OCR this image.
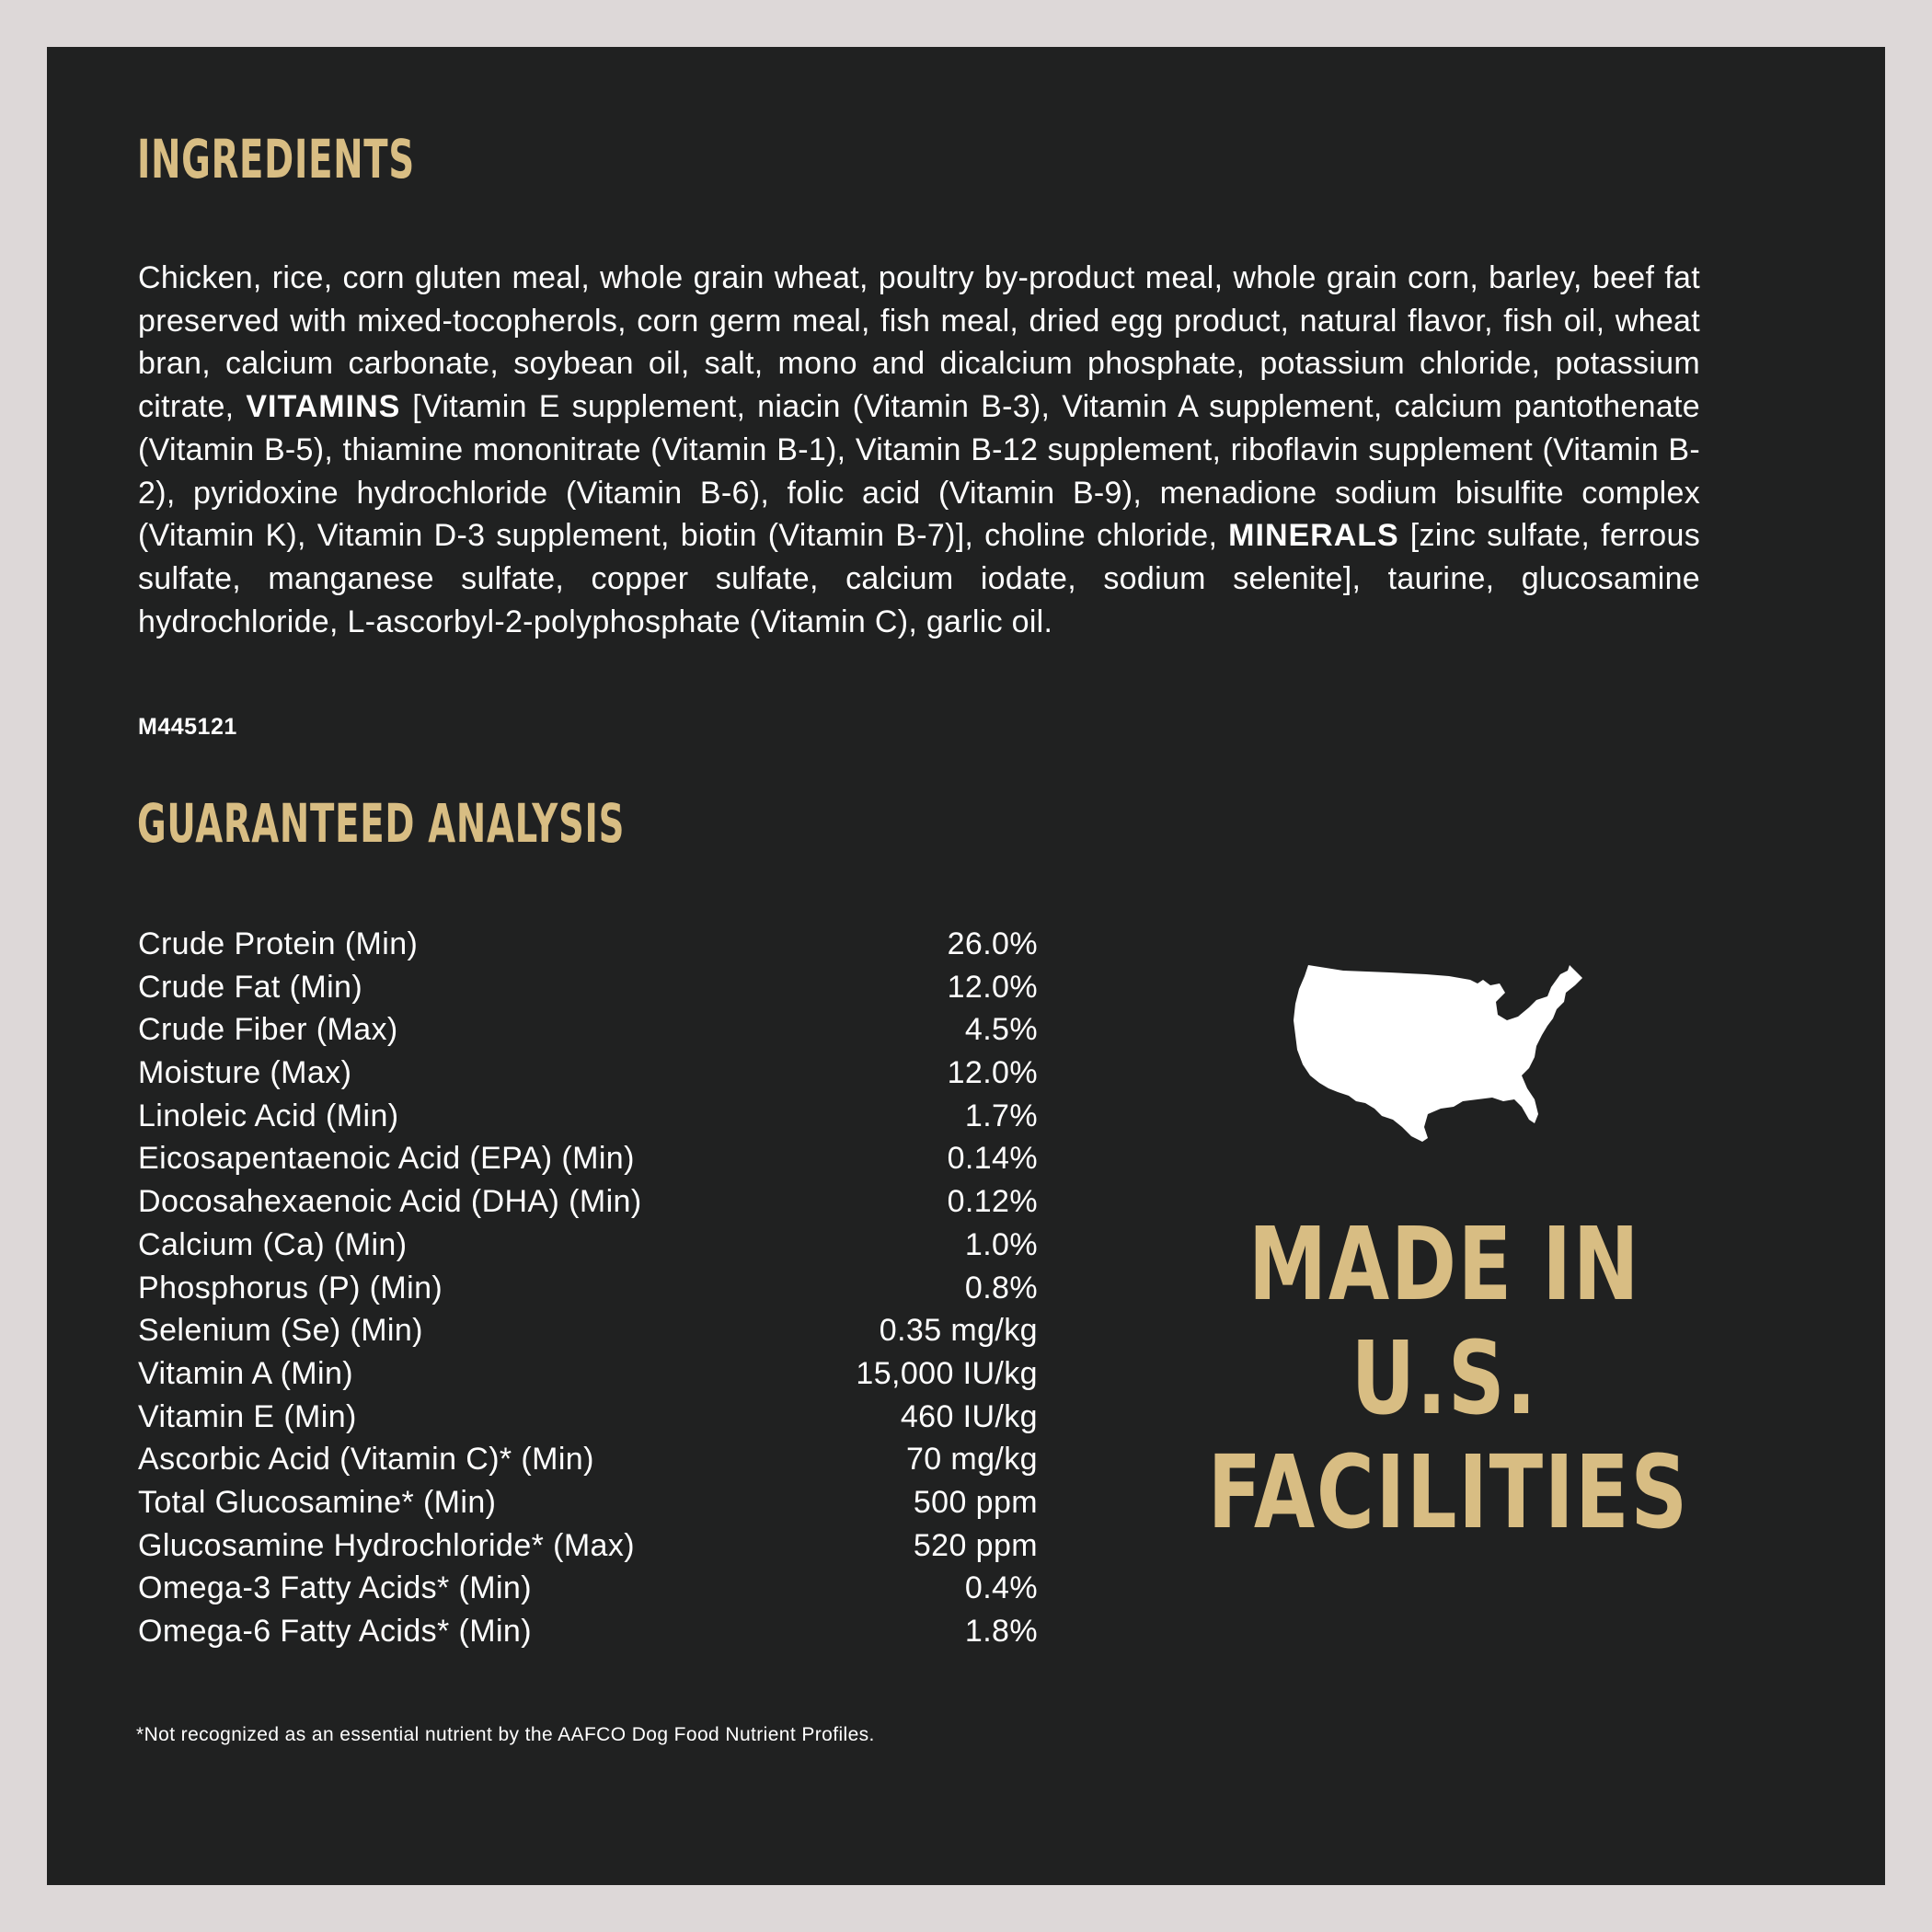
INGREDIENTS

Chicken, rice, corn gluten meal, whole grain wheat, poultry by-product meal, whole grain corn, barley, beef fat preserved with mixed-tocopherols, corn germ meal, fish meal, dried egg product, natural flavor, fish oil, wheat bran, calcium carbonate, soybean oil, salt, mono and dicalcium phosphate, potassium chloride, potassium citrate, VITAMINS [Vitamin E supplement, niacin (Vitamin B-3), Vitamin A supplement, calcium pantothenate (Vitamin B-5), thiamine mononitrate (Vitamin B-1), Vitamin B-12 supplement, riboflavin supplement (Vitamin B-2), pyridoxine hydrochloride (Vitamin B-6), folic acid (Vitamin B-9), menadione sodium bisulfite complex (Vitamin K), Vitamin D-3 supplement, biotin (Vitamin B-7)], choline chloride, MINERALS [zinc sulfate, ferrous sulfate, manganese sulfate, copper sulfate, calcium iodate, sodium selenite], taurine, glucosamine hydrochloride, L-ascorbyl-2-polyphosphate (Vitamin C), garlic oil.

M445121
GUARANTEED ANALYSIS
Crude Protein (Min)	26.0%
Crude Fat (Min)	12.0%
Crude Fiber (Max)	4.5%
Moisture (Max)	12.0%
Linoleic Acid (Min)	1.7%
Eicosapentaenoic Acid (EPA) (Min)	0.14%
Docosahexaenoic Acid (DHA) (Min)	0.12%
Calcium (Ca) (Min)	1.0%
Phosphorus (P) (Min)	0.8%
Selenium (Se) (Min)	0.35 mg/kg
Vitamin A (Min)	15,000 IU/kg
Vitamin E (Min)	460 IU/kg
Ascorbic Acid (Vitamin C)* (Min)	70 mg/kg
Total Glucosamine* (Min)	500 ppm
Glucosamine Hydrochloride* (Max)	520 ppm
Omega-3 Fatty Acids* (Min)	0.4%
Omega-6 Fatty Acids* (Min)	1.8%
*Not recognized as an essential nutrient by the AAFCO Dog Food Nutrient Profiles.
MADE IN
U.S.
FACILITIES
